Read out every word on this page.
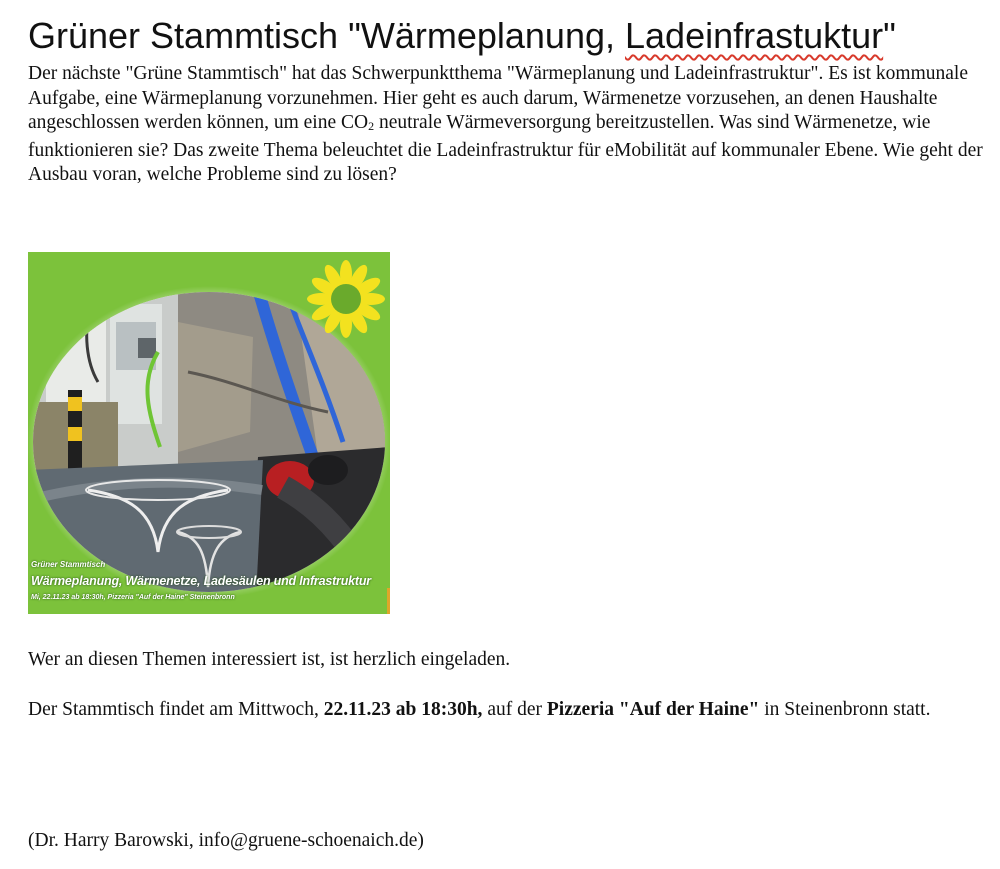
Grüner Stammtisch "Wärmeplanung, Ladeinfrastuktur"

Der nächste "Grüne Stammtisch" hat das Schwerpunktthema "Wärmeplanung und Ladeinfrastruktur". Es ist kommunale Aufgabe, eine Wärmeplanung vorzunehmen. Hier geht es auch darum, Wärmenetze vorzusehen, an denen Haushalte angeschlossen werden können, um eine $CO_2$ neutrale Wärmeversorgung bereitzustellen. Was sind Wärmenetze, wie funktionieren sie? Das zweite Thema beleuchtet die Ladeinfrastruktur für eMobilität auf kommunaler Ebene. Wie geht der Ausbau voran, welche Probleme sind zu lösen?

Grüner Stammtisch
Wärmeplanung, Wärmenetze, Ladesäulen und Infrastruktur
Mi, 22.11.23 ab 18:30h, Pizzeria "Auf der Haine" Steinenbronn

Wer an diesen Themen interessiert ist, ist herzlich eingeladen.

Der Stammtisch findet am Mittwoch, 22.11.23 ab 18:30h, auf der Pizzeria "Auf der Haine" in Steinenbronn statt.

(Dr. Harry Barowski, info@gruene-schoenaich.de)
